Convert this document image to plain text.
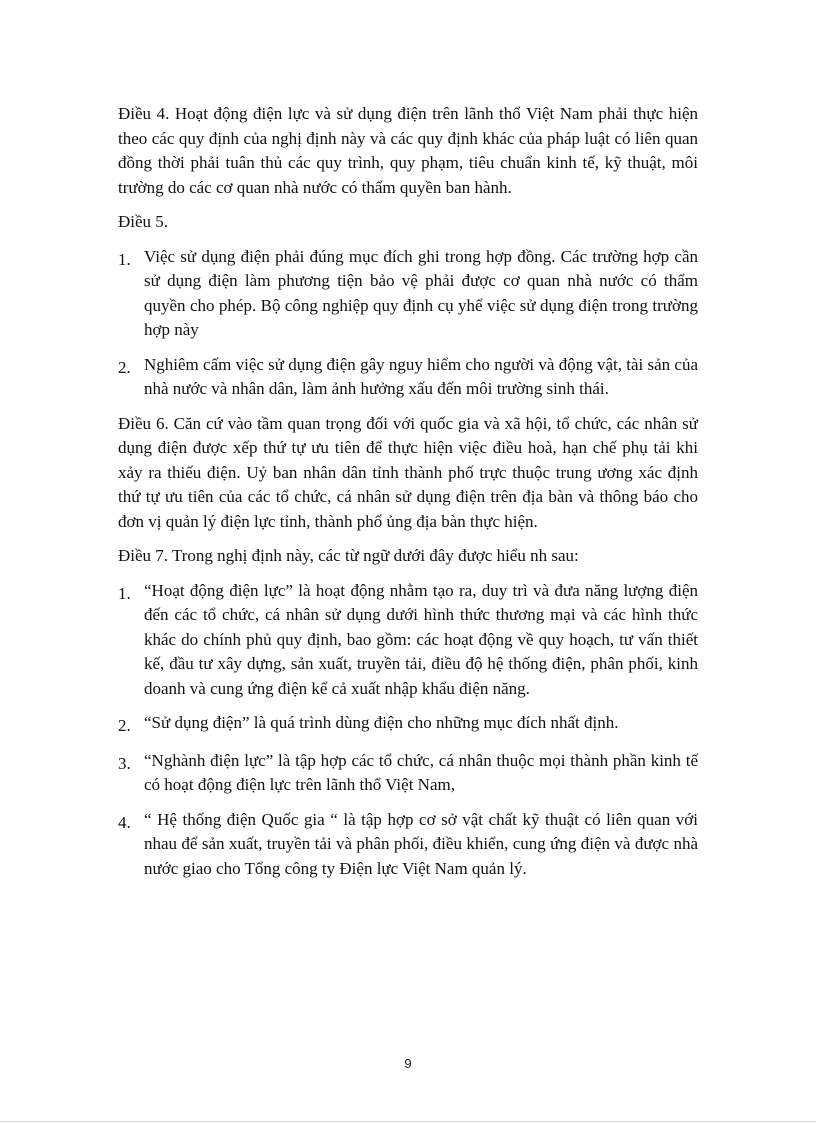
Điều 4. Hoạt động điện lực và sử dụng điện trên lãnh thổ Việt Nam phải thực hiện theo các quy định của nghị định này và các quy định khác của pháp luật có liên quan đồng thời phải tuân thủ các quy trình, quy phạm, tiêu chuẩn kinh tế, kỹ thuật, môi trường do các cơ quan nhà nước có thẩm quyền ban hành.

Điều 5.

1. Việc sử dụng điện phải đúng mục đích ghi trong hợp đồng. Các trường hợp cần sử dụng điện làm phương tiện bảo vệ phải được cơ quan nhà nước có thẩm quyền cho phép. Bộ công nghiệp quy định cụ yhể việc sử dụng điện trong trường hợp này
2. Nghiêm cấm việc sử dụng điện gây nguy hiểm cho người và động vật, tài sản của nhà nước và nhân dân, làm ảnh hưởng xấu đến môi trường sinh thái.

Điều 6. Căn cứ vào tầm quan trọng đối với quốc gia và xã hội, tổ chức, các nhân sử dụng điện được xếp thứ tự ưu tiên để thực hiện việc điều hoà, hạn chế phụ tải khi xảy ra thiếu điện. Uỷ ban nhân dân tỉnh thành phố trực thuộc trung ương xác định thứ tự ưu tiên của các tổ chức, cá nhân sử dụng điện trên địa bàn và thông báo cho đơn vị quản lý điện lực tỉnh, thành phố ủng địa bàn thực hiện.

Điều 7. Trong nghị định này, các từ ngữ dưới đây được hiểu nh sau:

1. “Hoạt động điện lực” là hoạt động nhằm tạo ra, duy trì và đưa năng lượng điện đến các tổ chức, cá nhân sử dụng dưới hình thức thương mại và các hình thức khác do chính phủ quy định, bao gồm: các hoạt động về quy hoạch, tư vấn thiết kế, đầu tư xây dựng, sản xuất, truyền tải, điều độ hệ thống điện, phân phối, kinh doanh và cung ứng điện kể cả xuất nhập khẩu điện năng.
2. “Sử dụng điện” là quá trình dùng điện cho những mục đích nhất định.
3. “Nghành điện lực” là tập hợp các tổ chức, cá nhân thuộc mọi thành phần kinh tế có hoạt động điện lực trên lãnh thổ Việt Nam,
4. “ Hệ thống điện Quốc gia “ là tập hợp cơ sở vật chất kỹ thuật có liên quan với nhau để sản xuất, truyền tải và phân phối, điều khiển, cung ứng điện và được nhà nước giao cho Tổng công ty Điện lực Việt Nam quản lý.
9
